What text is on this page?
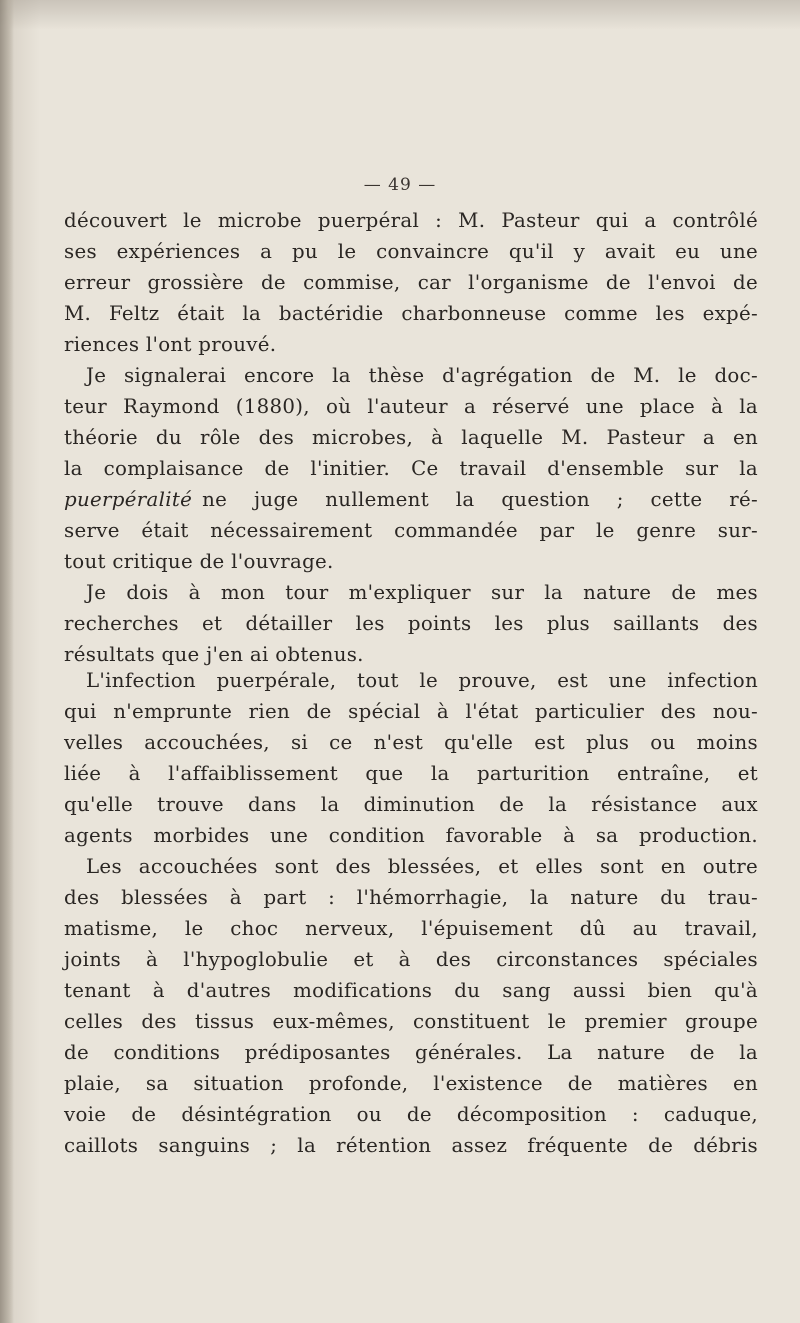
— 49 —
découvert le microbe puerpéral : M. Pasteur qui a contrôlé
ses expériences a pu le convaincre qu'il y avait eu une
erreur grossière de commise, car l'organisme de l'envoi de
M. Feltz était la bactéridie charbonneuse comme les expé-
riences l'ont prouvé.
Je signalerai encore la thèse d'agrégation de M. le doc-
teur Raymond (1880), où l'auteur a réservé une place à la
théorie du rôle des microbes, à laquelle M. Pasteur a en
la complaisance de l'initier. Ce travail d'ensemble sur la
puerpéralité ne juge nullement la question ; cette ré-
serve était nécessairement commandée par le genre sur-
tout critique de l'ouvrage.
Je dois à mon tour m'expliquer sur la nature de mes
recherches et détailler les points les plus saillants des
résultats que j'en ai obtenus.
L'infection puerpérale, tout le prouve, est une infection
qui n'emprunte rien de spécial à l'état particulier des nou-
velles accouchées, si ce n'est qu'elle est plus ou moins
liée à l'affaiblissement que la parturition entraîne, et
qu'elle trouve dans la diminution de la résistance aux
agents morbides une condition favorable à sa production.
Les accouchées sont des blessées, et elles sont en outre
des blessées à part : l'hémorrhagie, la nature du trau-
matisme, le choc nerveux, l'épuisement dû au travail,
joints à l'hypoglobulie et à des circonstances spéciales
tenant à d'autres modifications du sang aussi bien qu'à
celles des tissus eux-mêmes, constituent le premier groupe
de conditions prédiposantes générales. La nature de la
plaie, sa situation profonde, l'existence de matières en
voie de désintégration ou de décomposition : caduque,
caillots sanguins ; la rétention assez fréquente de débris
